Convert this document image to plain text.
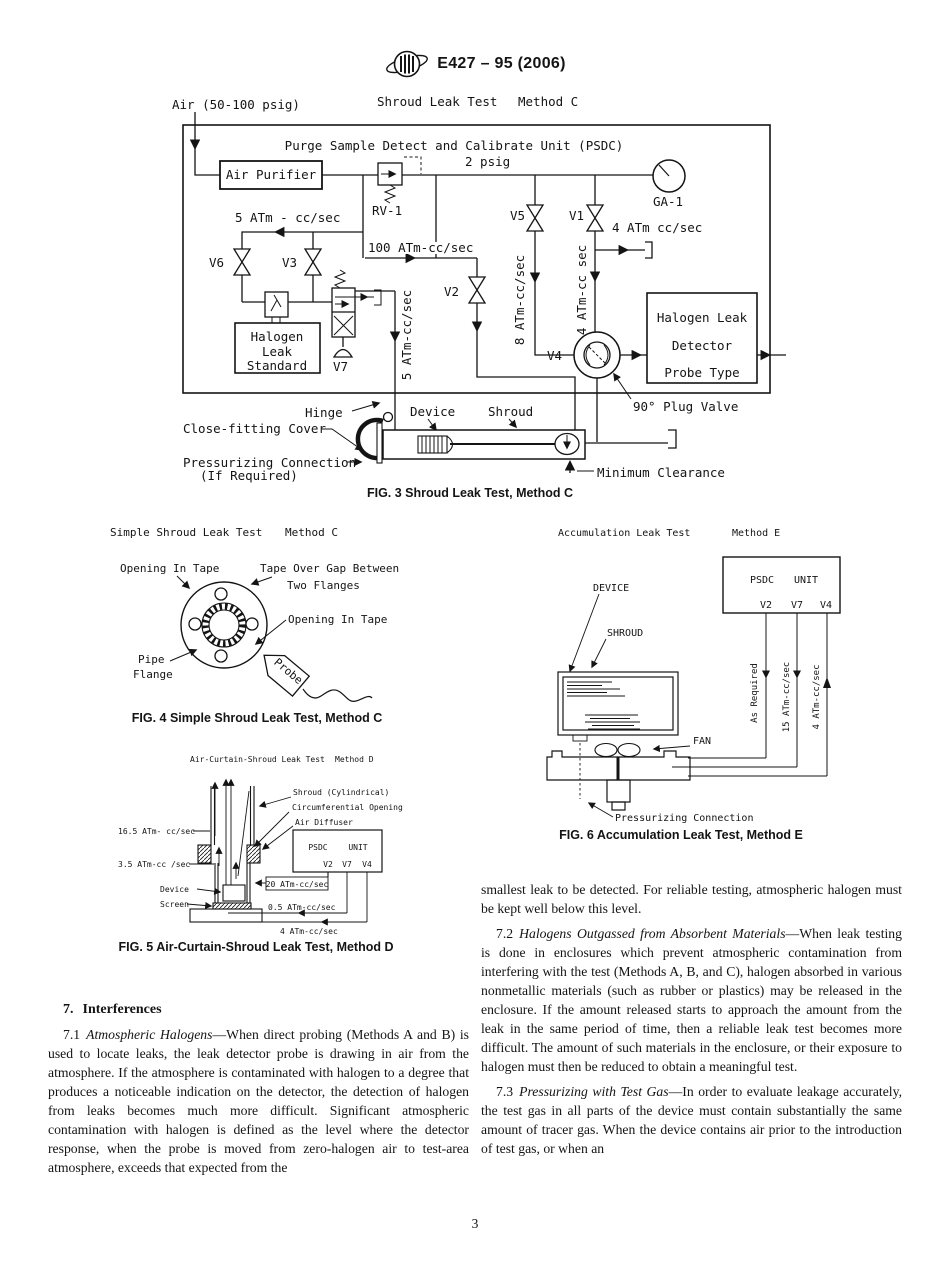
E427 – 95 (2006)
Shroud Leak Test Method C
Air (50-100 psig)
Purge Sample Detect and Calibrate Unit (PSDC)
Air Purifier
2 psig
RV-1
GA-1
V5	V1
V6	V3
V2
V4
V7
5 ATm - cc/sec
100 ATm-cc/sec
4 ATm cc/sec
8 ATm-cc/sec	4 ATm-cc sec
5 ATm-cc/sec
Halogen
Leak
Standard
Halogen Leak
Detector
Probe Type
90° Plug Valve
Hinge	Device	Shroud
Close-fitting Cover
Pressurizing Connection
(If Required)	Minimum Clearance
FIG. 3 Shroud Leak Test, Method C
Simple Shroud Leak Test Method C
Opening In Tape	Tape Over Gap Between
Two Flanges
Opening In Tape
Pipe
Flange	Probe
FIG. 4 Simple Shroud Leak Test, Method C
Air-Curtain-Shroud Leak Test Method D
16.5 ATm- cc/sec
3.5 ATm-cc /sec
Device
Screen
Shroud (Cylindrical)
Circumferential Opening
Air Diffuser
PSDC	UNIT
V2 V7 V4
20 ATm-cc/sec
0.5 ATm-cc/sec
4 ATm-cc/sec
FIG. 5 Air-Curtain-Shroud Leak Test, Method D
Accumulation Leak Test	Method E
DEVICE
SHROUD
PSDC UNIT
V2 V7 V4
FAN
As Required 15 ATm-cc/sec 4 ATm-cc/sec
Pressurizing Connection
FIG. 6 Accumulation Leak Test, Method E

7. Interferences

7.1 Atmospheric Halogens—When direct probing (Methods A and B) is used to locate leaks, the leak detector probe is drawing in air from the atmosphere. If the atmosphere is contaminated with halogen to a degree that produces a noticeable indication on the detector, the detection of halogen from leaks becomes much more difficult. Significant atmospheric contamination with halogen is defined as the level where the detector response, when the probe is moved from zero-halogen air to test-area atmosphere, exceeds that expected from the

smallest leak to be detected. For reliable testing, atmospheric halogen must be kept well below this level.

7.2 Halogens Outgassed from Absorbent Materials—When leak testing is done in enclosures which prevent atmospheric contamination from interfering with the test (Methods A, B, and C), halogen absorbed in various nonmetallic materials (such as rubber or plastics) may be released in the enclosure. If the amount released starts to approach the amount from the leak in the same period of time, then a reliable leak test becomes more difficult. The amount of such materials in the enclosure, or their exposure to halogen must then be reduced to obtain a meaningful test.

7.3 Pressurizing with Test Gas—In order to evaluate leakage accurately, the test gas in all parts of the device must contain substantially the same amount of tracer gas. When the device contains air prior to the introduction of test gas, or when an

3
